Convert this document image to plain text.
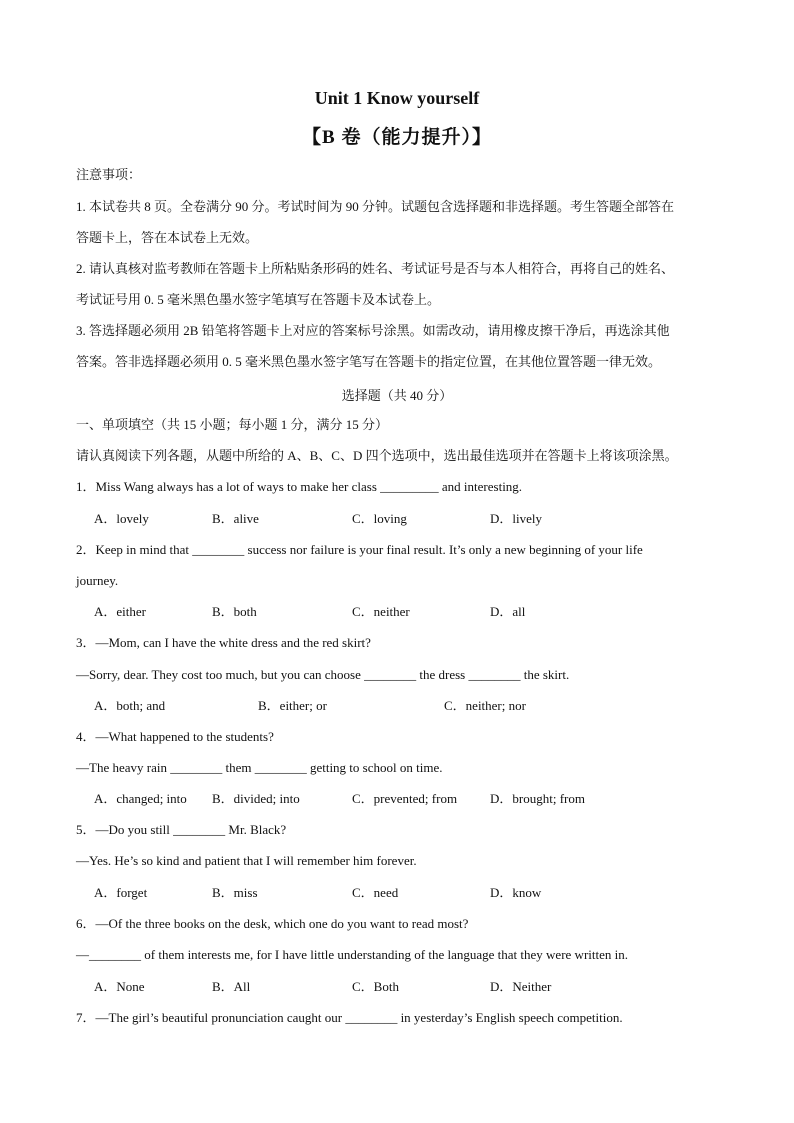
Unit 1 Know yourself
【B 卷（能力提升）】
注意事项：
1. 本试卷共 8 页。全卷满分 90 分。考试时间为 90 分钟。试题包含选择题和非选择题。考生答题全部答在
答题卡上，答在本试卷上无效。
2. 请认真核对监考教师在答题卡上所粘贴条形码的姓名、考试证号是否与本人相符合，再将自己的姓名、
考试证号用 0. 5 毫米黑色墨水签字笔填写在答题卡及本试卷上。
3. 答选择题必须用 2B 铅笔将答题卡上对应的答案标号涂黑。如需改动，请用橡皮擦干净后，再选涂其他
答案。答非选择题必须用 0. 5 毫米黑色墨水签字笔写在答题卡的指定位置，在其他位置答题一律无效。
选择题（共 40 分）
一、单项填空（共 15 小题；每小题 1 分，满分 15 分）
请认真阅读下列各题，从题中所给的 A、B、C、D 四个选项中，选出最佳选项并在答题卡上将该项涂黑。
1．Miss Wang always has a lot of ways to make her class _________ and interesting.
A．lovely	B．alive	C．loving	D．lively
2．Keep in mind that ________ success nor failure is your final result. It’s only a new beginning of your life
journey.
A．either	B．both	C．neither	D．all
3．—Mom, can I have the white dress and the red skirt?
—Sorry, dear. They cost too much, but you can choose ________ the dress ________ the skirt.
A．both; and	B．either; or	C．neither; nor
4．—What happened to the students?
—The heavy rain ________ them ________ getting to school on time.
A．changed; into B．divided; into	C．prevented; from	D．brought; from
5．—Do you still ________ Mr. Black?
—Yes. He’s so kind and patient that I will remember him forever.
A．forget	B．miss	C．need	D．know
6．—Of the three books on the desk, which one do you want to read most?
—________ of them interests me, for I have little understanding of the language that they were written in.
A．None	B．All	C．Both	D．Neither
7．—The girl’s beautiful pronunciation caught our ________ in yesterday’s English speech competition.
